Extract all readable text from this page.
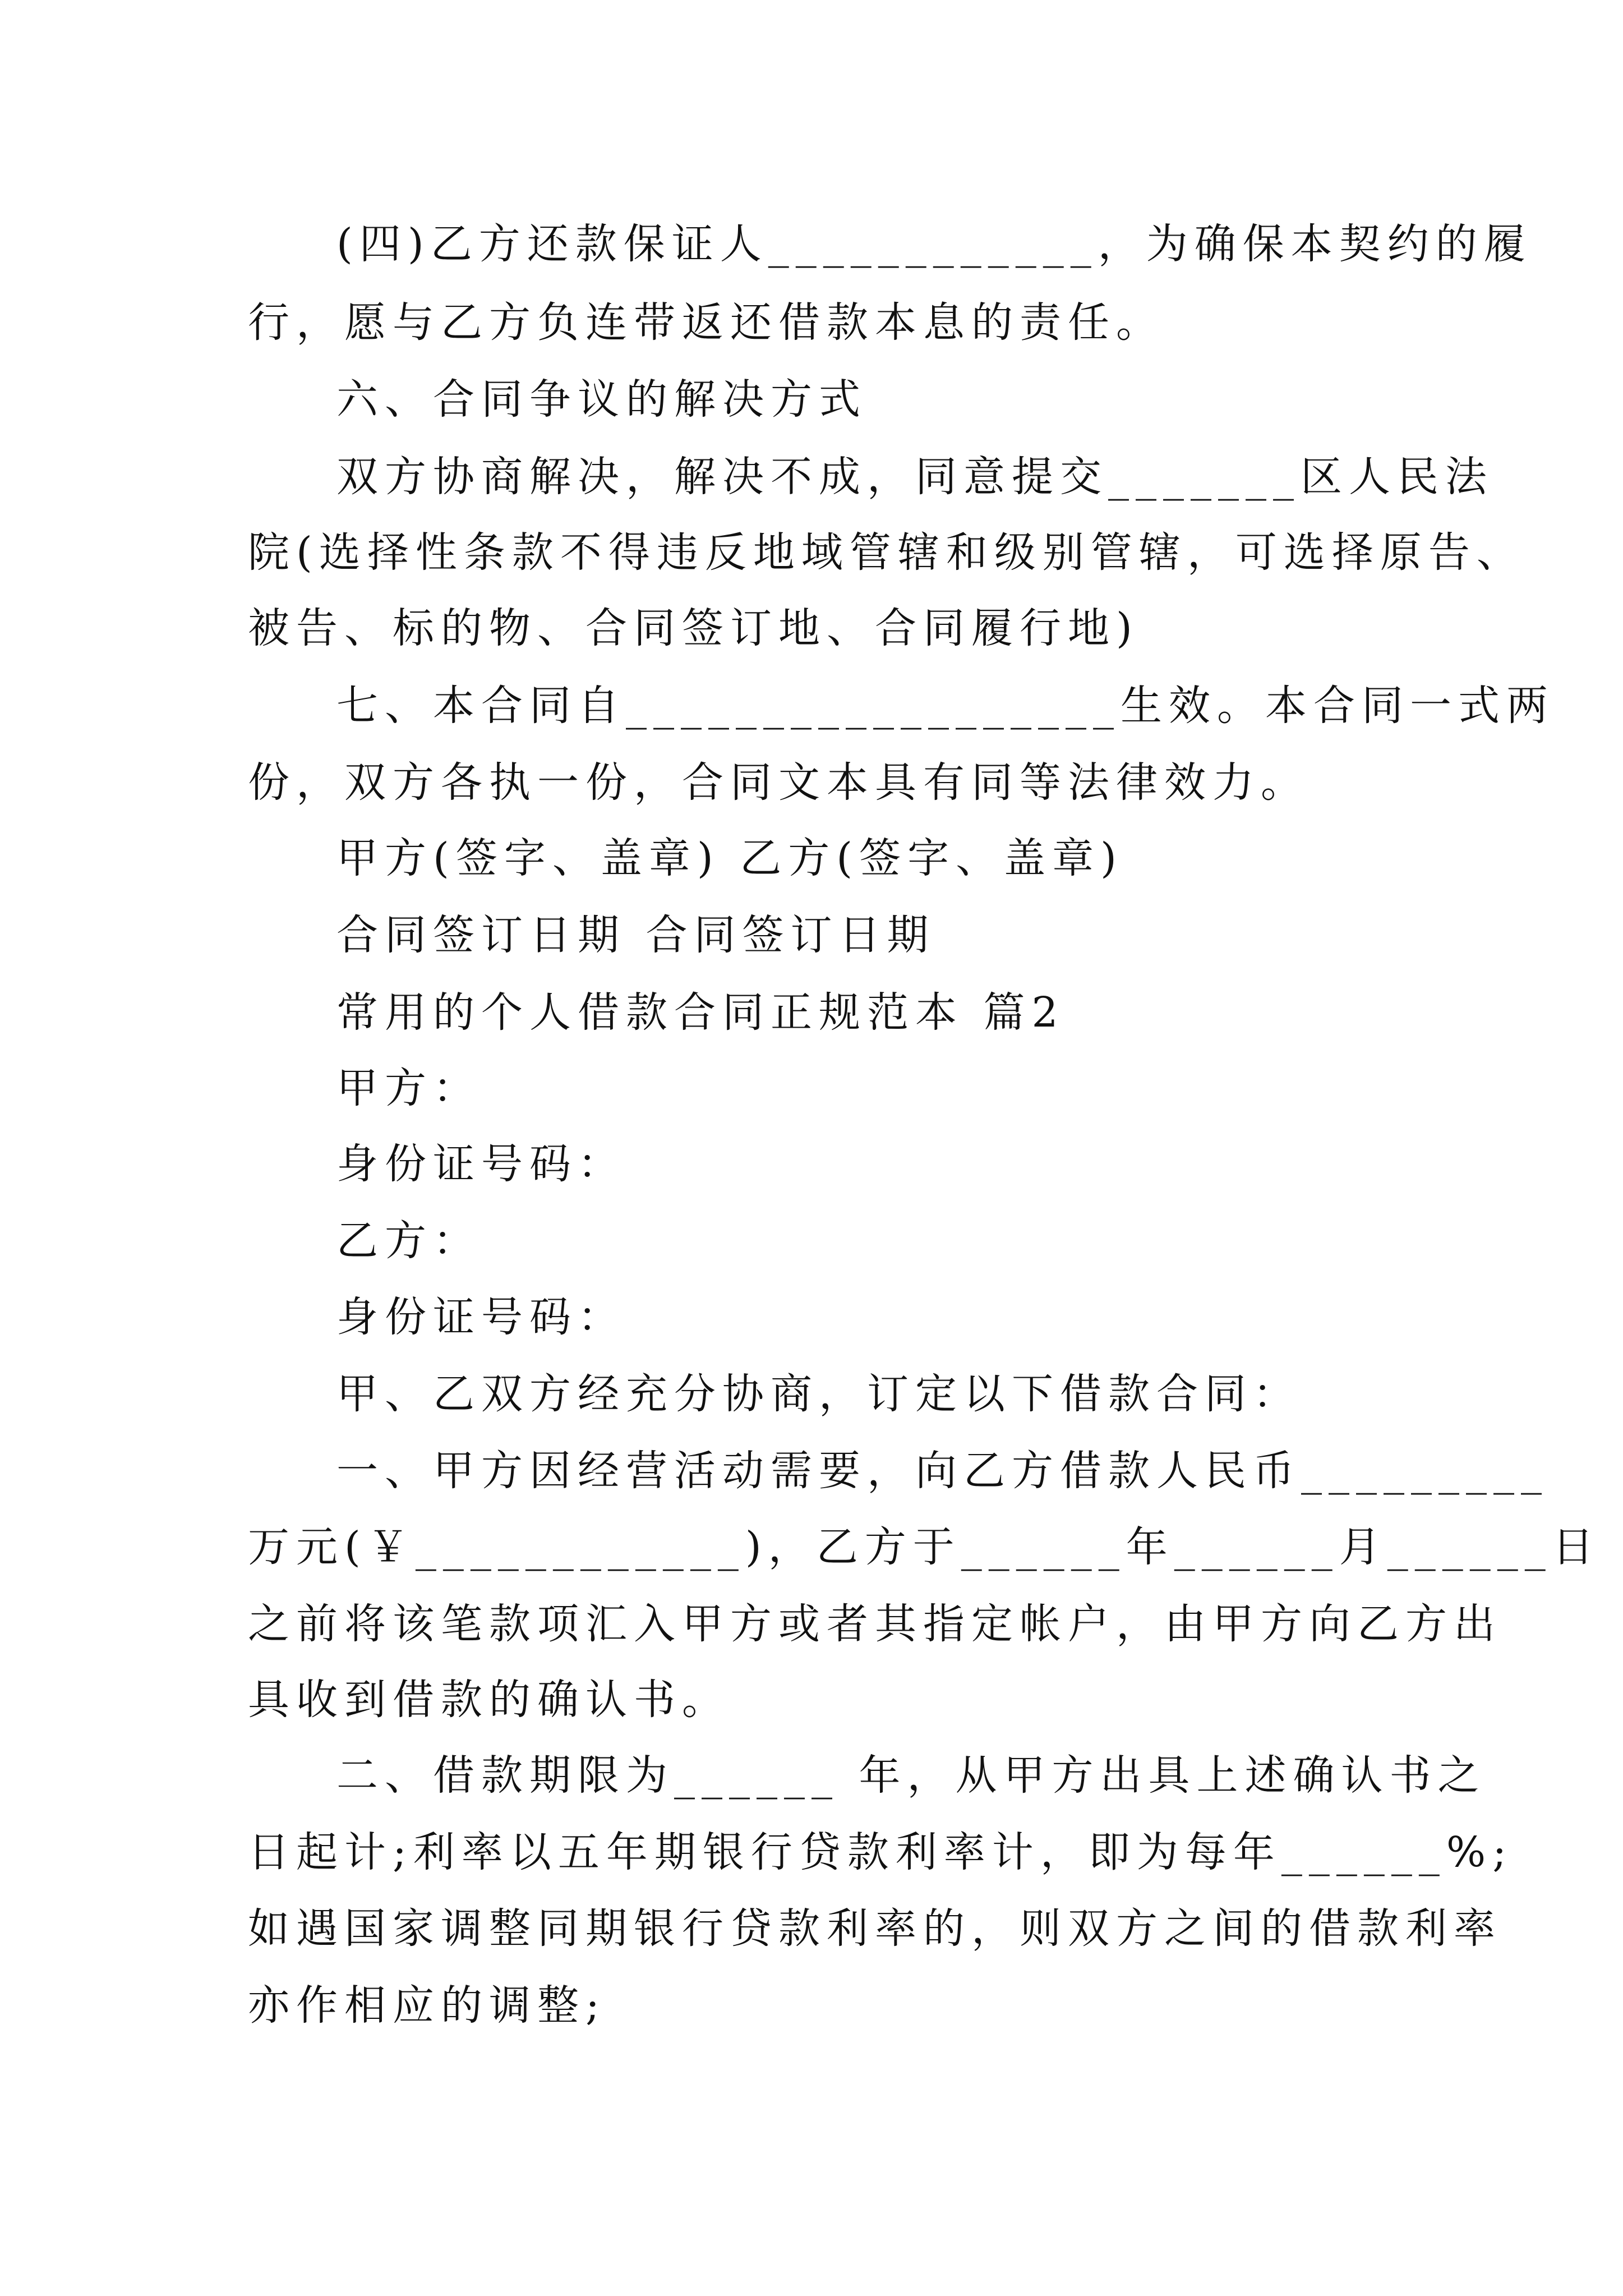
(四)乙方还款保证人____________，为确保本契约的履
行，愿与乙方负连带返还借款本息的责任。
六、合同争议的解决方式
双方协商解决，解决不成，同意提交_______区人民法
院(选择性条款不得违反地域管辖和级别管辖，可选择原告、
被告、标的物、合同签订地、合同履行地)
七、本合同自__________________生效。本合同一式两
份，双方各执一份，合同文本具有同等法律效力。
甲方(签字、盖章) 乙方(签字、盖章)
合同签订日期 合同签订日期
常用的个人借款合同正规范本 篇2
甲方：
身份证号码：
乙方：
身份证号码：
甲、乙双方经充分协商，订定以下借款合同：
一、甲方因经营活动需要，向乙方借款人民币_________
万元(￥____________)，乙方于______年______月______日
之前将该笔款项汇入甲方或者其指定帐户，由甲方向乙方出
具收到借款的确认书。
二、借款期限为______ 年，从甲方出具上述确认书之
日起计;利率以五年期银行贷款利率计，即为每年______%;
如遇国家调整同期银行贷款利率的，则双方之间的借款利率
亦作相应的调整;
